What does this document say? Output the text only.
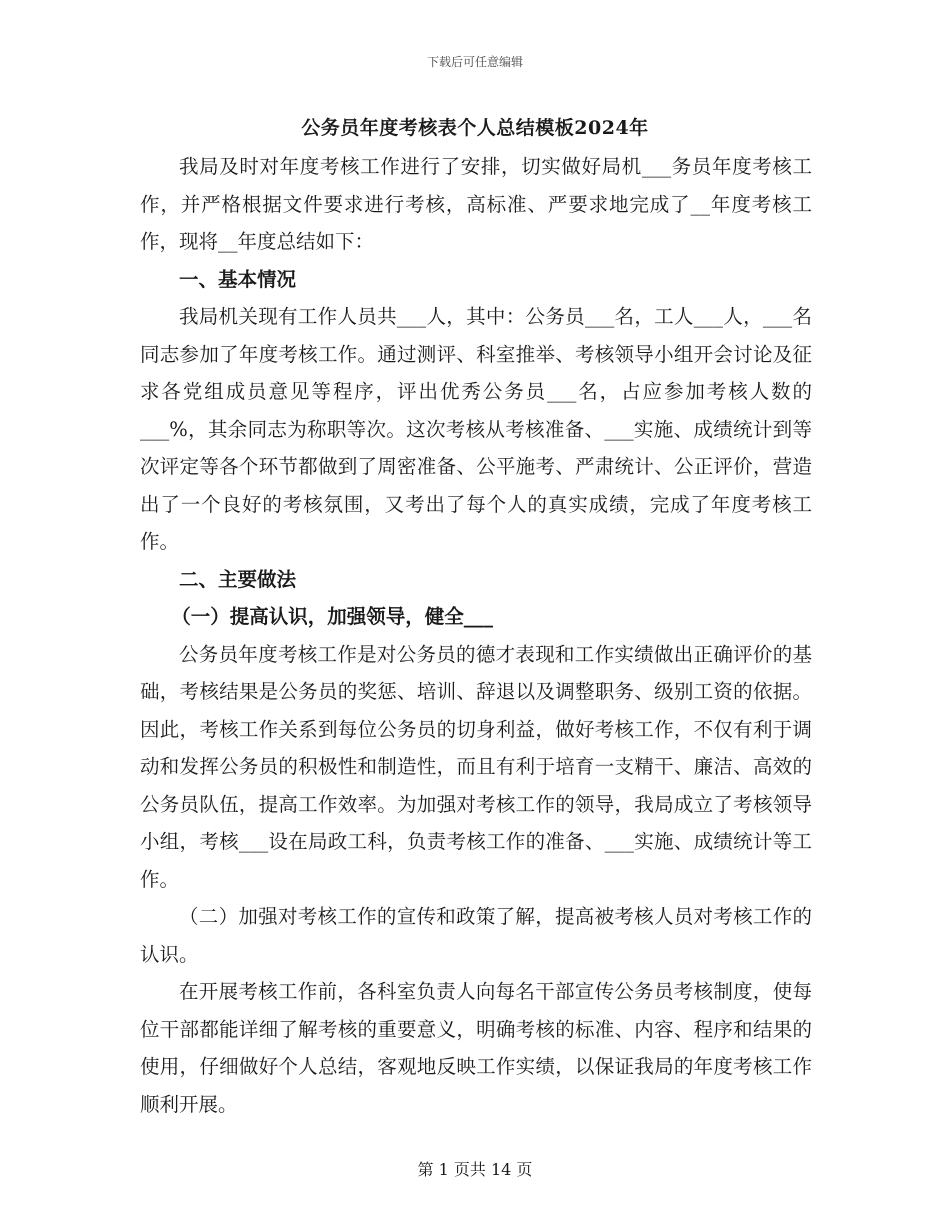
下载后可任意编辑
公务员年度考核表个人总结模板2024年

我局及时对年度考核工作进行了安排，切实做好局机___务员年度考核工作，并严格根据文件要求进行考核，高标准、严要求地完成了__年度考核工作，现将__年度总结如下：

一、基本情况

我局机关现有工作人员共___人，其中：公务员___名，工人___人，___名同志参加了年度考核工作。通过测评、科室推举、考核领导小组开会讨论及征求各党组成员意见等程序，评出优秀公务员___名，占应参加考核人数的___%，其余同志为称职等次。这次考核从考核准备、___实施、成绩统计到等次评定等各个环节都做到了周密准备、公平施考、严肃统计、公正评价，营造出了一个良好的考核氛围，又考出了每个人的真实成绩，完成了年度考核工作。

二、主要做法

（一）提高认识，加强领导，健全___

公务员年度考核工作是对公务员的德才表现和工作实绩做出正确评价的基础，考核结果是公务员的奖惩、培训、辞退以及调整职务、级别工资的依据。因此，考核工作关系到每位公务员的切身利益，做好考核工作，不仅有利于调动和发挥公务员的积极性和制造性，而且有利于培育一支精干、廉洁、高效的公务员队伍，提高工作效率。为加强对考核工作的领导，我局成立了考核领导小组，考核___设在局政工科，负责考核工作的准备、___实施、成绩统计等工作。

（二）加强对考核工作的宣传和政策了解，提高被考核人员对考核工作的认识。

在开展考核工作前，各科室负责人向每名干部宣传公务员考核制度，使每位干部都能详细了解考核的重要意义，明确考核的标准、内容、程序和结果的使用，仔细做好个人总结，客观地反映工作实绩，以保证我局的年度考核工作顺利开展。

第 1 页共 14 页
